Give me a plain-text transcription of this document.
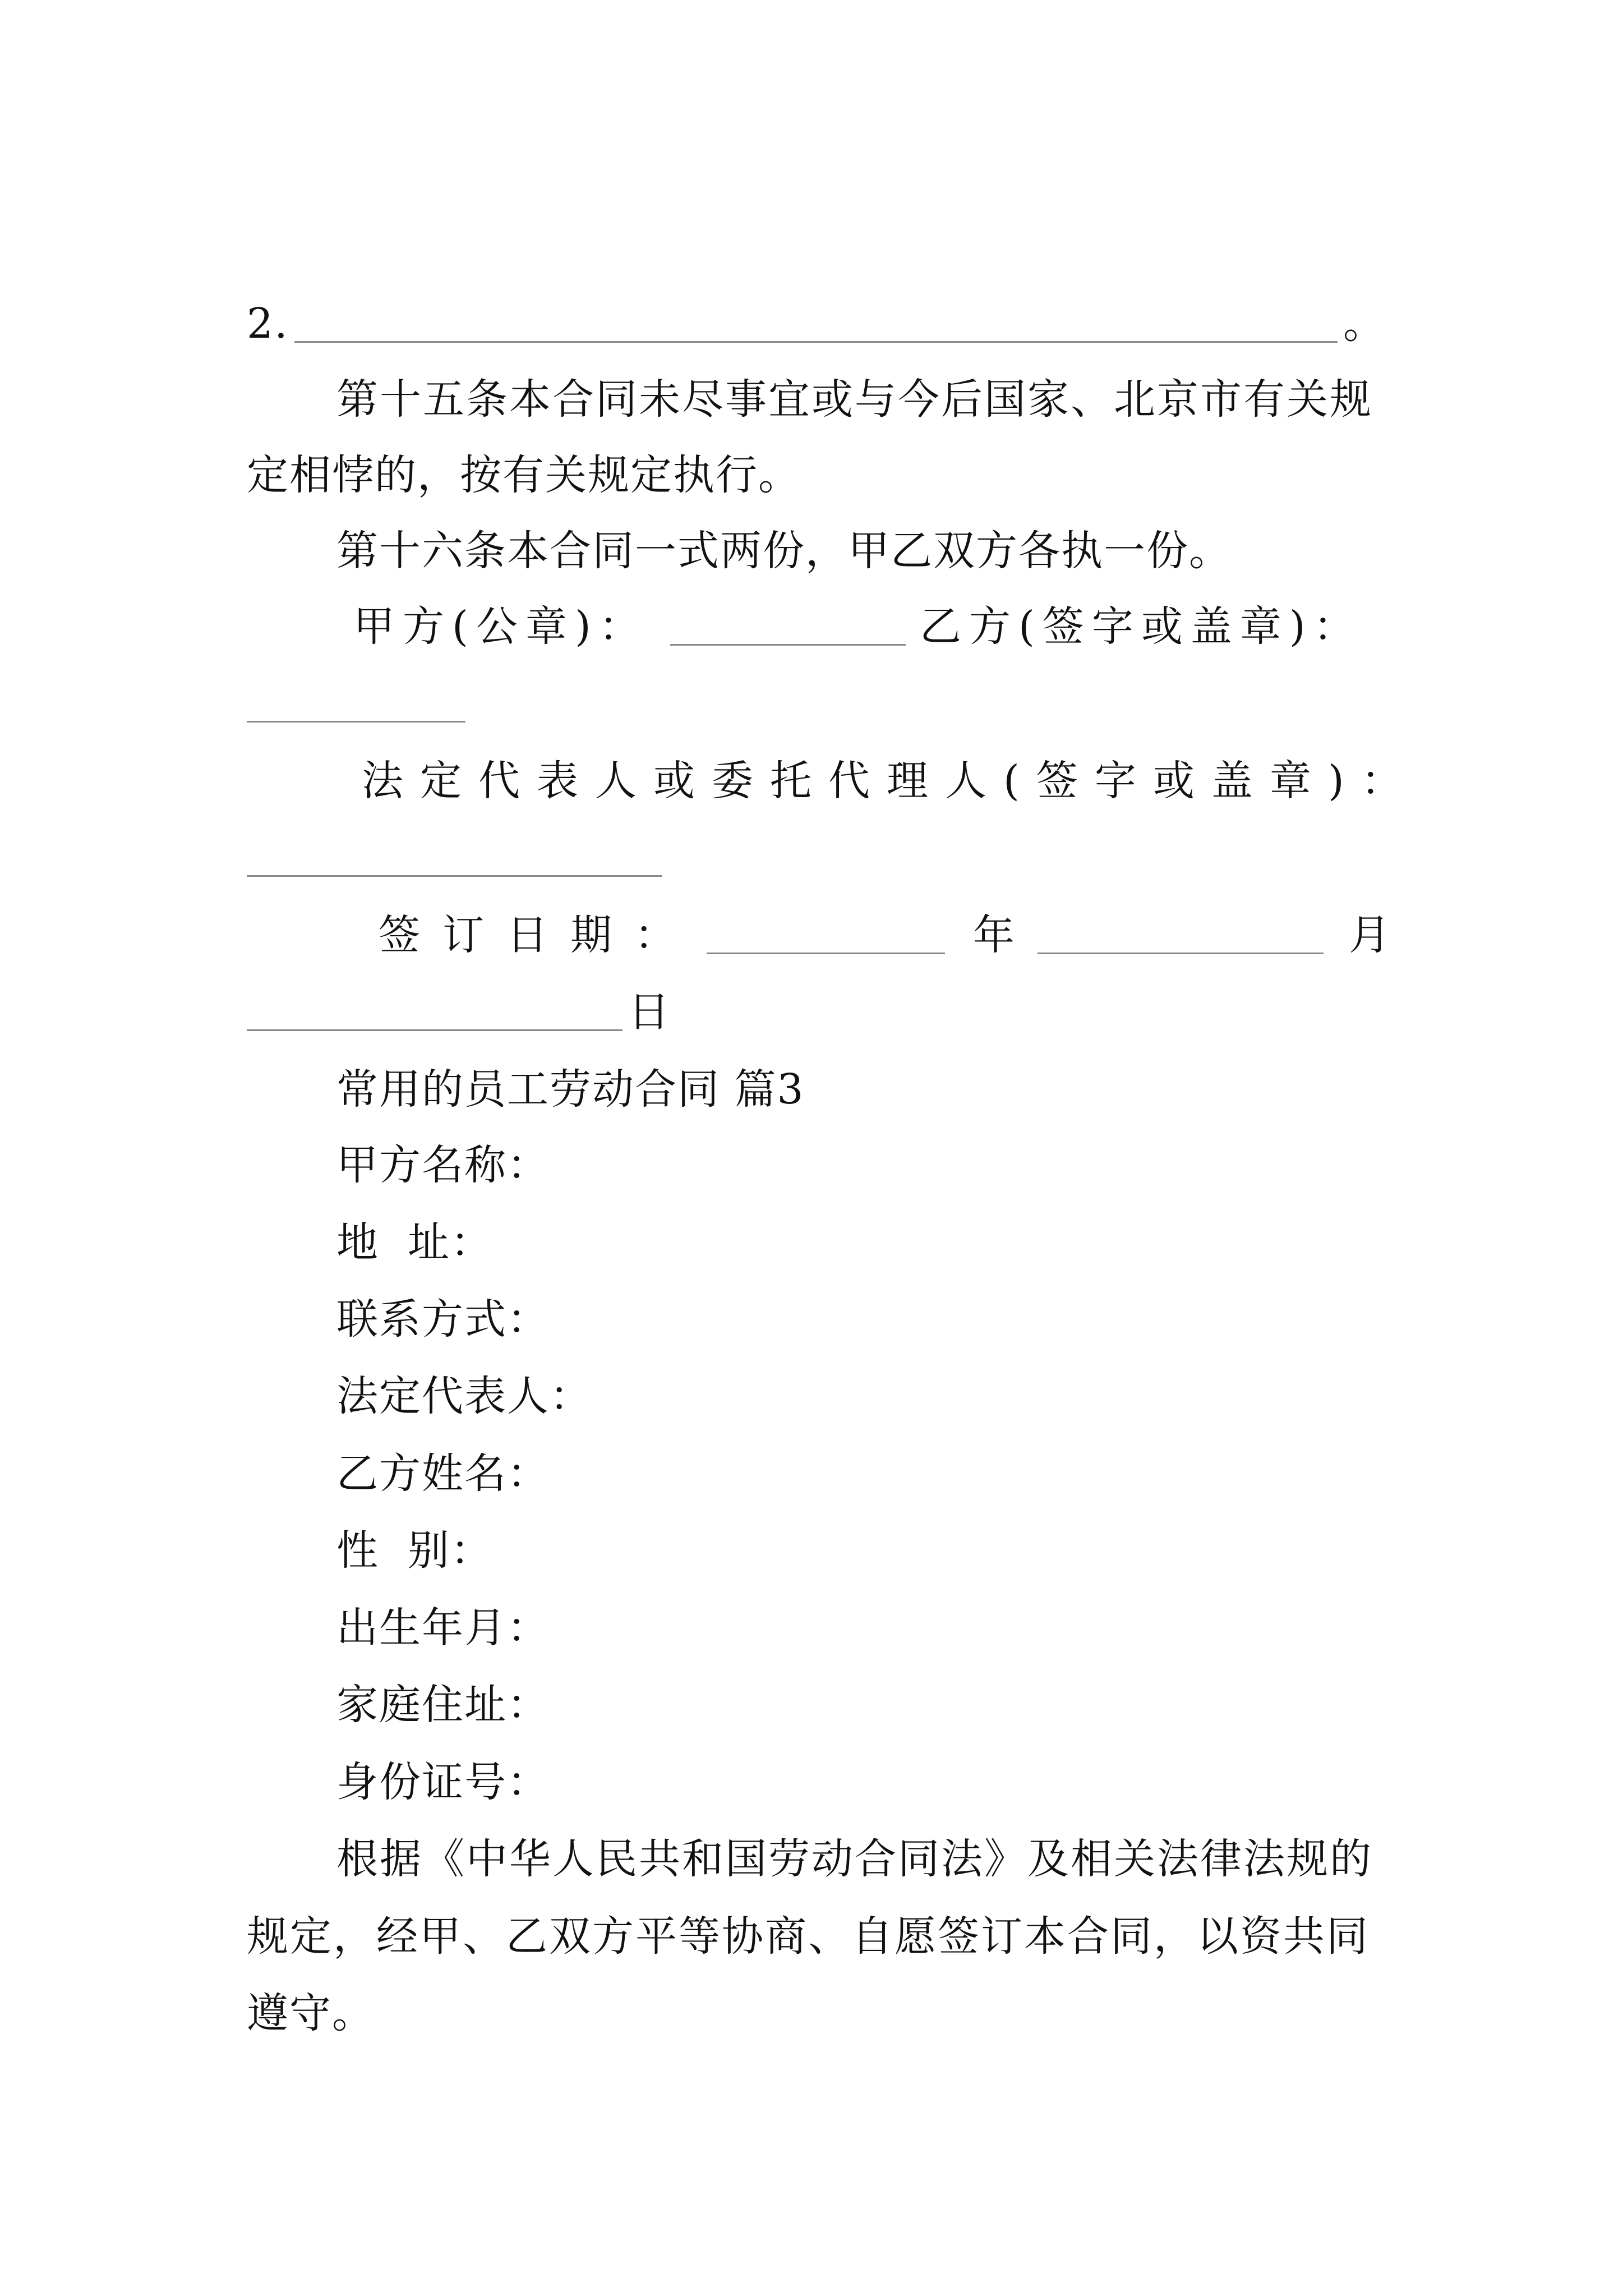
2.	。
第十五条本合同未尽事宜或与今后国家、北京市有关规
定相悖的，按有关规定执行。
第十六条本合同一式两份，甲乙双方各执一份。
甲方(公章)：	乙方(签字或盖章)：
法定代表人或委托代理人(签字或盖章)：
签订日期：	年	月
日
常用的员工劳动合同 篇3
甲方名称：
地  址：
联系方式：
法定代表人：
乙方姓名：
性  别：
出生年月：
家庭住址：
身份证号：
根据《中华人民共和国劳动合同法》及相关法律法规的
规定，经甲、乙双方平等协商、自愿签订本合同，以资共同
遵守。
